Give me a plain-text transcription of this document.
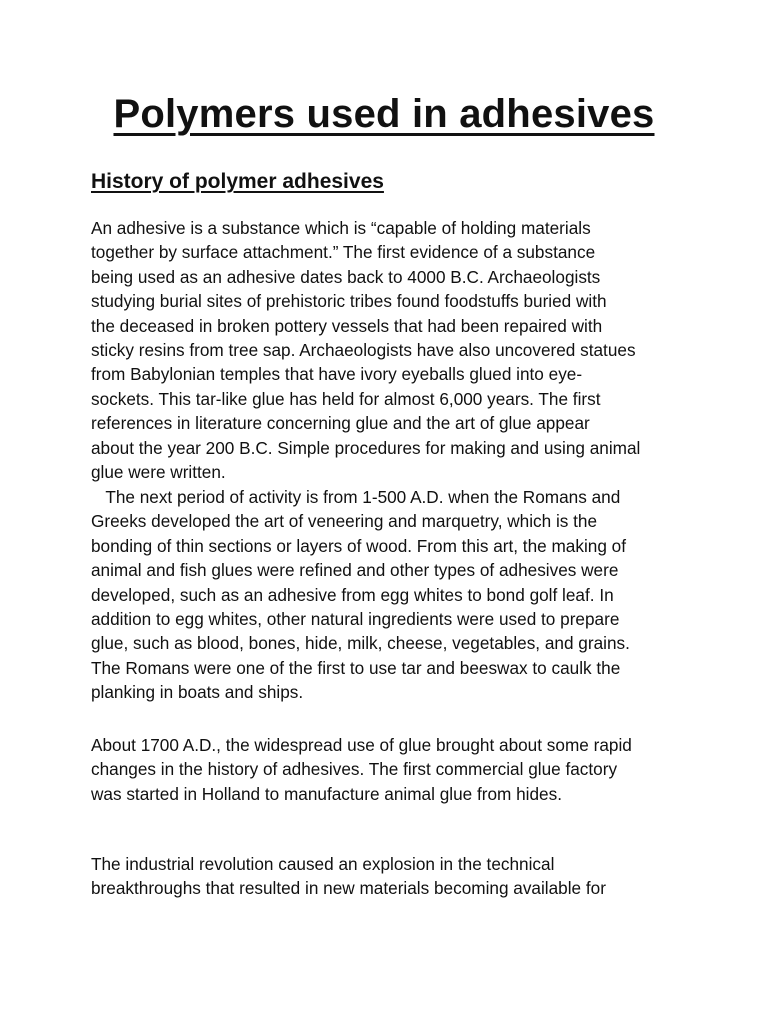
Polymers used in adhesives
History of polymer adhesives

An adhesive is a substance which is “capable of holding materials
together by surface attachment.” The first evidence of a substance
being used as an adhesive dates back to 4000 B.C. Archaeologists
studying burial sites of prehistoric tribes found foodstuffs buried with
the deceased in broken pottery vessels that had been repaired with
sticky resins from tree sap. Archaeologists have also uncovered statues
from Babylonian temples that have ivory eyeballs glued into eye-
sockets. This tar-like glue has held for almost 6,000 years. The first
references in literature concerning glue and the art of glue appear
about the year 200 B.C. Simple procedures for making and using animal
glue were written.

The next period of activity is from 1-500 A.D. when the Romans and
Greeks developed the art of veneering and marquetry, which is the
bonding of thin sections or layers of wood. From this art, the making of
animal and fish glues were refined and other types of adhesives were
developed, such as an adhesive from egg whites to bond golf leaf. In
addition to egg whites, other natural ingredients were used to prepare
glue, such as blood, bones, hide, milk, cheese, vegetables, and grains.
The Romans were one of the first to use tar and beeswax to caulk the
planking in boats and ships.

About 1700 A.D., the widespread use of glue brought about some rapid
changes in the history of adhesives. The first commercial glue factory
was started in Holland to manufacture animal glue from hides.

The industrial revolution caused an explosion in the technical
breakthroughs that resulted in new materials becoming available for
